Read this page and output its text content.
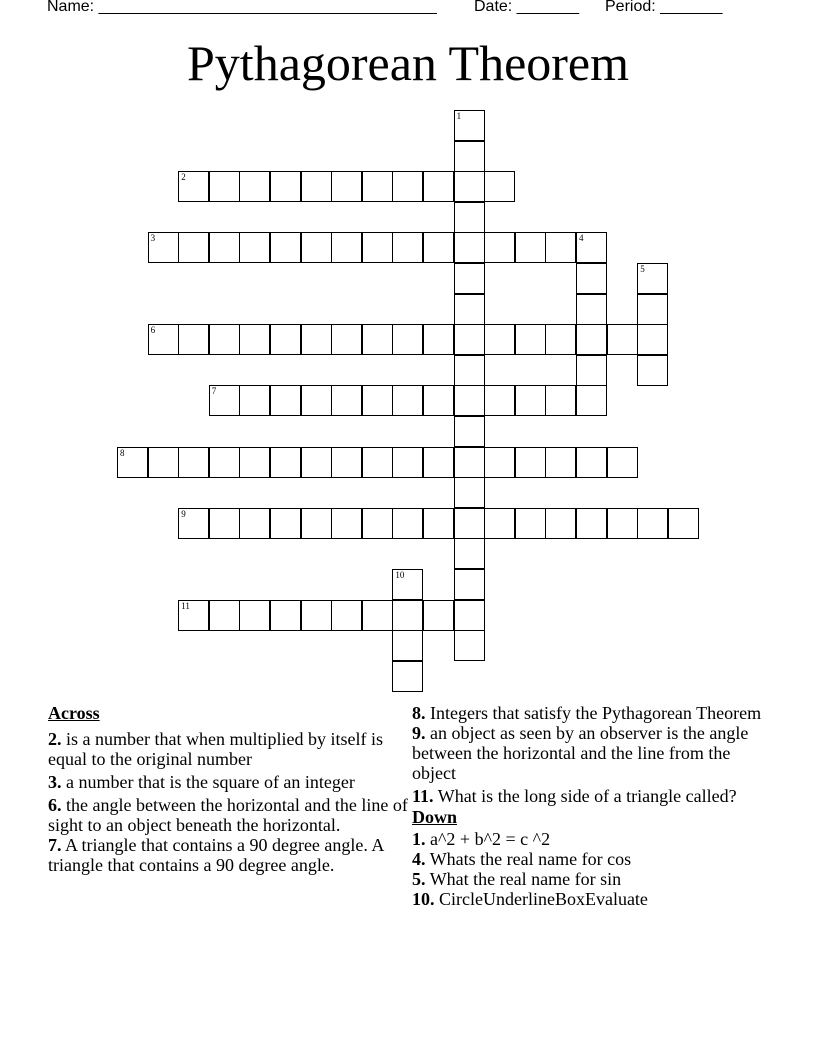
Name: ______________________________________ Date: _______ Period: _______
Pythagorean Theorem
1
2
3	4
5
6
7
8
9
10
11
Across
2. is a number that when multiplied by itself is equal to the original number
3. a number that is the square of an integer
6. the angle between the horizontal and the line of sight to an object beneath the horizontal.
7. A triangle that contains a 90 degree angle. A triangle that contains a 90 degree angle.
8. Integers that satisfy the Pythagorean Theorem
9. an object as seen by an observer is the angle between the horizontal and the line from the object
11. What is the long side of a triangle called?
Down
1. a^2 + b^2 = c ^2
4. Whats the real name for cos
5. What the real name for sin
10. CircleUnderlineBoxEvaluate
